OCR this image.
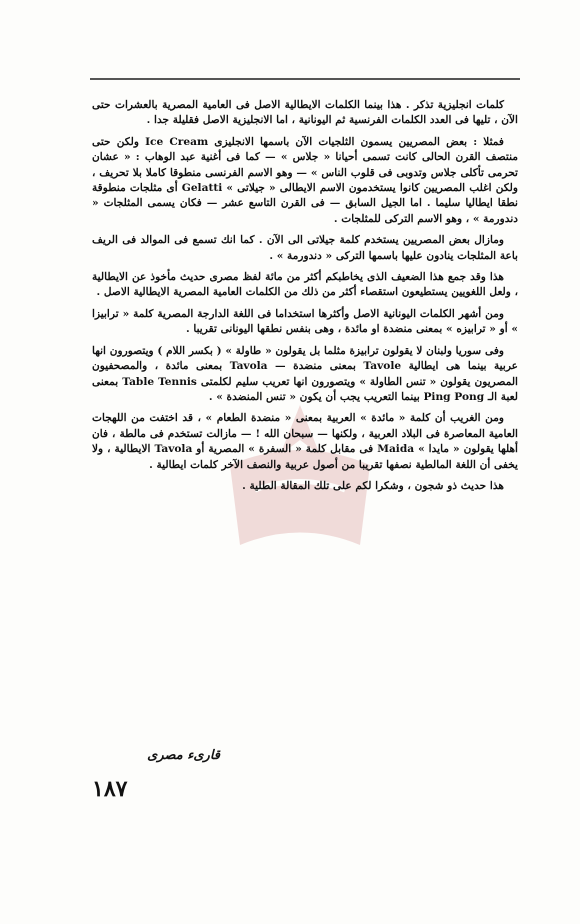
كلمات انجليزية تذكر . هذا بينما الكلمات الايطالية الاصل فى العامية المصرية بالعشرات حتى الآن ، تليها فى العدد الكلمات الفرنسية ثم اليونانية ، اما الانجليزية الاصل فقليلة جدا .

فمثلا : بعض المصريين يسمون الثلجيات الآن باسمها الانجليزى Ice Cream ولكن حتى منتصف القرن الحالى كانت تسمى أحيانا « جلاس » — كما فى أغنية عبد الوهاب : « عشان تحرمى تأكلى جلاس وتدوبى فى قلوب الناس » — وهو الاسم الفرنسى منطوقا كاملا بلا تحريف ، ولكن اغلب المصريين كانوا يستخدمون الاسم الايطالى « جيلاتى » Gelatti أى مثلجات منطوقة نطقا ايطاليا سليما . اما الجيل السابق — فى القرن التاسع عشر — فكان يسمى المثلجات « دندورمة » ، وهو الاسم التركى للمثلجات .

ومازال بعض المصريين يستخدم كلمة جيلاتى الى الآن . كما انك تسمع فى الموالد فى الريف باعة المثلجات ينادون عليها باسمها التركى « دندورمة » .

هذا وقد جمع هذا الضعيف الذى يخاطبكم أكثر من مائة لفظ مصرى حديث مأخوذ عن الايطالية ، ولعل اللغويين يستطيعون استقصاء أكثر من ذلك من الكلمات العامية المصرية الايطالية الاصل .

ومن أشهر الكلمات اليونانية الاصل وأكثرها استخداما فى اللغة الدارجة المصرية كلمة « ترابيزا » أو « ترابيزه » بمعنى منضدة او مائدة ، وهى بنفس نطقها اليونانى تقريبا .

وفى سوريا ولبنان لا يقولون ترابيزة مثلما بل يقولون « طاولة » ( بكسر اللام ) ويتصورون انها عربية بينما هى ايطالية Tavole بمعنى منضدة — Tavola بمعنى مائدة ، والمصحفيون المصريون يقولون « تنس الطاولة » ويتصورون انها تعريب سليم لكلمتى Table Tennis بمعنى لعبة الـ Ping Pong بينما التعريب يجب أن يكون « تنس المنضدة » .

ومن الغريب أن كلمة « مائدة » العربية بمعنى « منضدة الطعام » ، قد اختفت من اللهجات العامية المعاصرة فى البلاد العربية ، ولكنها — سبحان الله ! — مازالت تستخدم فى مالطة ، فان أهلها يقولون « مايدا » Maida فى مقابل كلمة « السفرة » المصرية أو Tavola الايطالية ، ولا يخفى أن اللغة المالطية نصفها تقريبا من أصول عربية والنصف الآخر كلمات ايطالية .

هذا حديث ذو شجون ، وشكرا لكم على تلك المقالة الطلية .

قارىء مصرى
١٨٧
